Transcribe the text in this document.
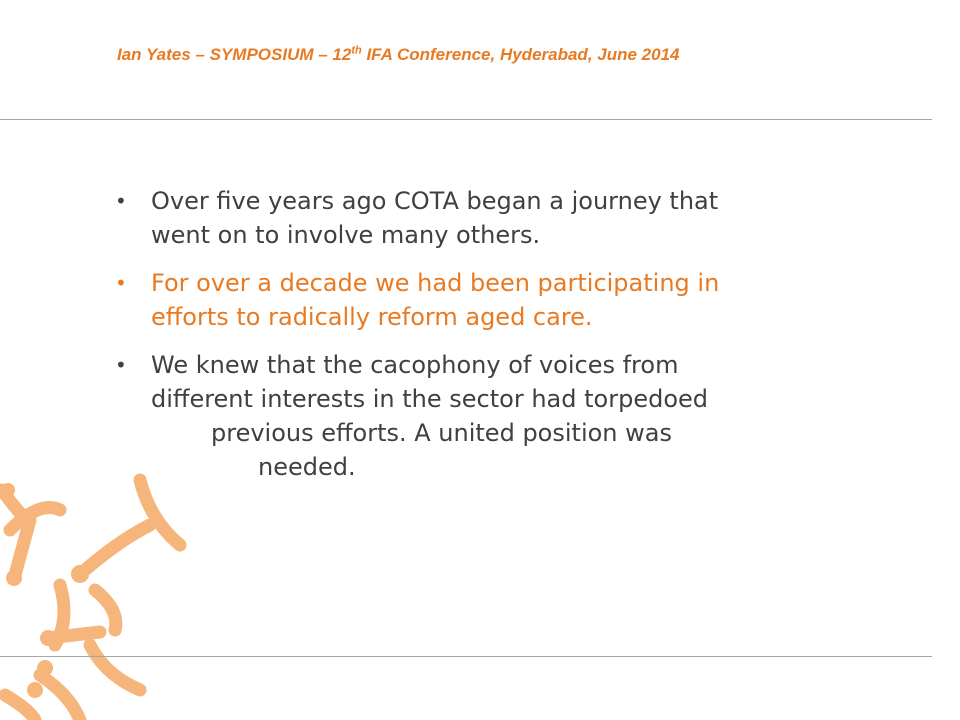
Ian Yates – SYMPOSIUM – 12th IFA Conference, Hyderabad, June 2014
• Over five years ago COTA began a journey that
went on to involve many others.
• For over a decade we had been participating in
efforts to radically reform aged care.
• We knew that the cacophony of voices from
different interests in the sector had torpedoed
previous efforts. A united position was
needed.
